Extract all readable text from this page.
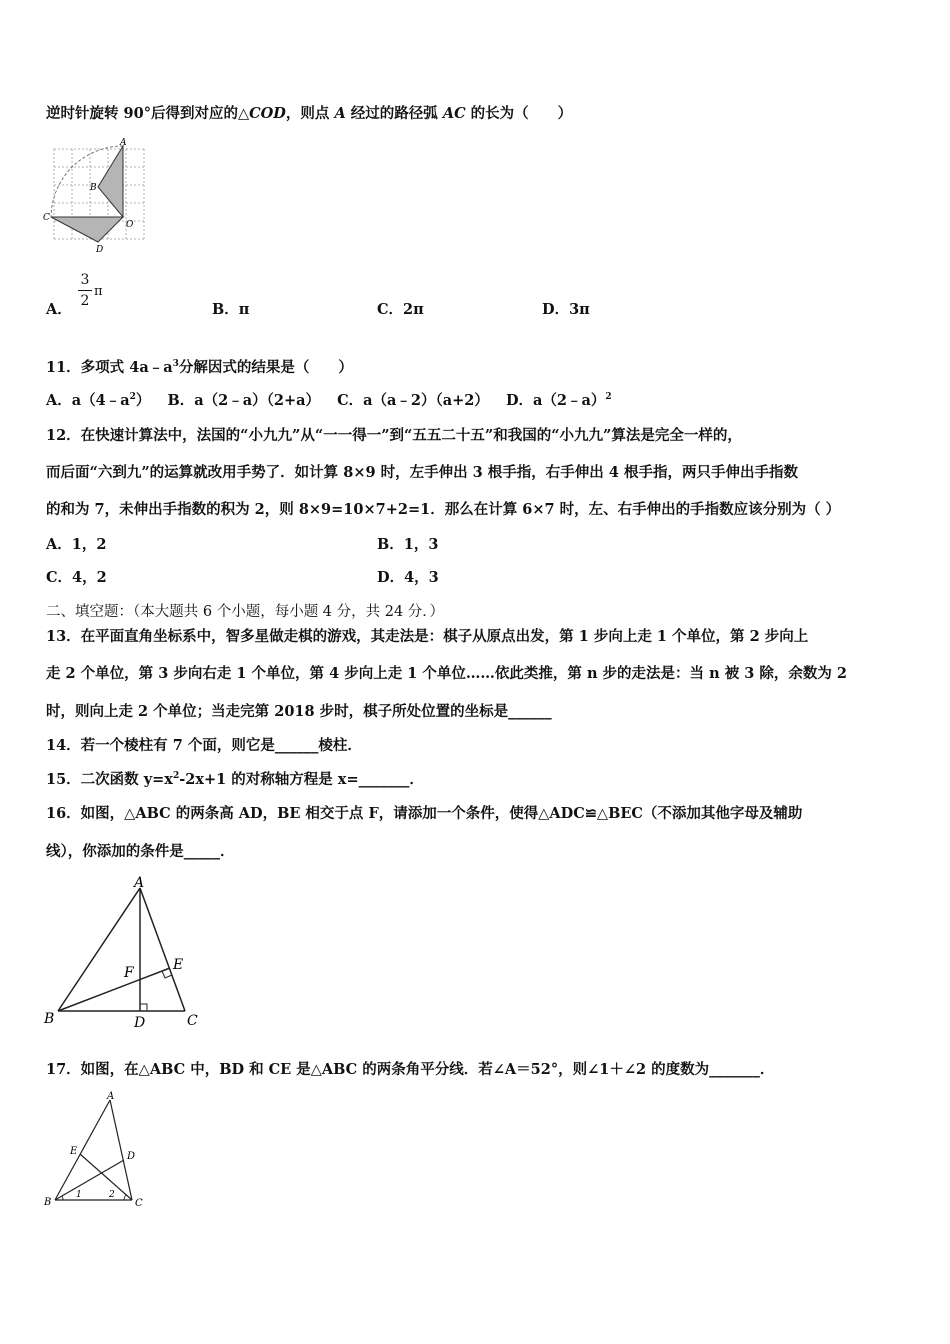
逆时针旋转 90°后得到对应的△COD，则点 A 经过的路径弧 AC 的长为（　　）
A
B
C
O
D
A．
3
2
π
B．π	C．2π	D．3π
11．多项式 $4a﹣a^3$分解因式的结果是（　　）
A．$a(4﹣a^2)$ B．a（2﹣a）（2+a） C．a（a﹣2）（a+2） D．a（2﹣a）$^2$
12．在快速计算法中，法国的“小九九”从“一一得一”到“五五二十五”和我国的“小九九”算法是完全一样的，
而后面“六到九”的运算就改用手势了．如计算 8×9 时，左手伸出 3 根手指，右手伸出 4 根手指，两只手伸出手指数
的和为 7，未伸出手指数的积为 2，则 8×9=10×7+2=1．那么在计算 6×7 时，左、右手伸出的手指数应该分别为（ ）
A．1，2	B．1，3
C．4，2	D．4，3
二、填空题：（本大题共 6 个小题，每小题 4 分，共 24 分．）
13．在平面直角坐标系中，智多星做走棋的游戏，其走法是：棋子从原点出发，第 1 步向上走 1 个单位，第 2 步向上
走 2 个单位，第 3 步向右走 1 个单位，第 4 步向上走 1 个单位……依此类推，第 n 步的走法是：当 n 被 3 除，余数为 2
时，则向上走 2 个单位；当走完第 2018 步时，棋子所处位置的坐标是______
14．若一个棱柱有 7 个面，则它是______棱柱．
15．二次函数 $y=x^2-2x+1$ 的对称轴方程是 x=_______．
16．如图，△ABC 的两条高 AD，BE 相交于点 F，请添加一个条件，使得△ADC≌△BEC（不添加其他字母及辅助
线），你添加的条件是_____．
A
B	C
D
E
F
17．如图，在△ABC 中，BD 和 CE 是△ABC 的两条角平分线．若∠A＝52°，则∠1＋∠2 的度数为_______．
A
B	C
D
E
1	2
